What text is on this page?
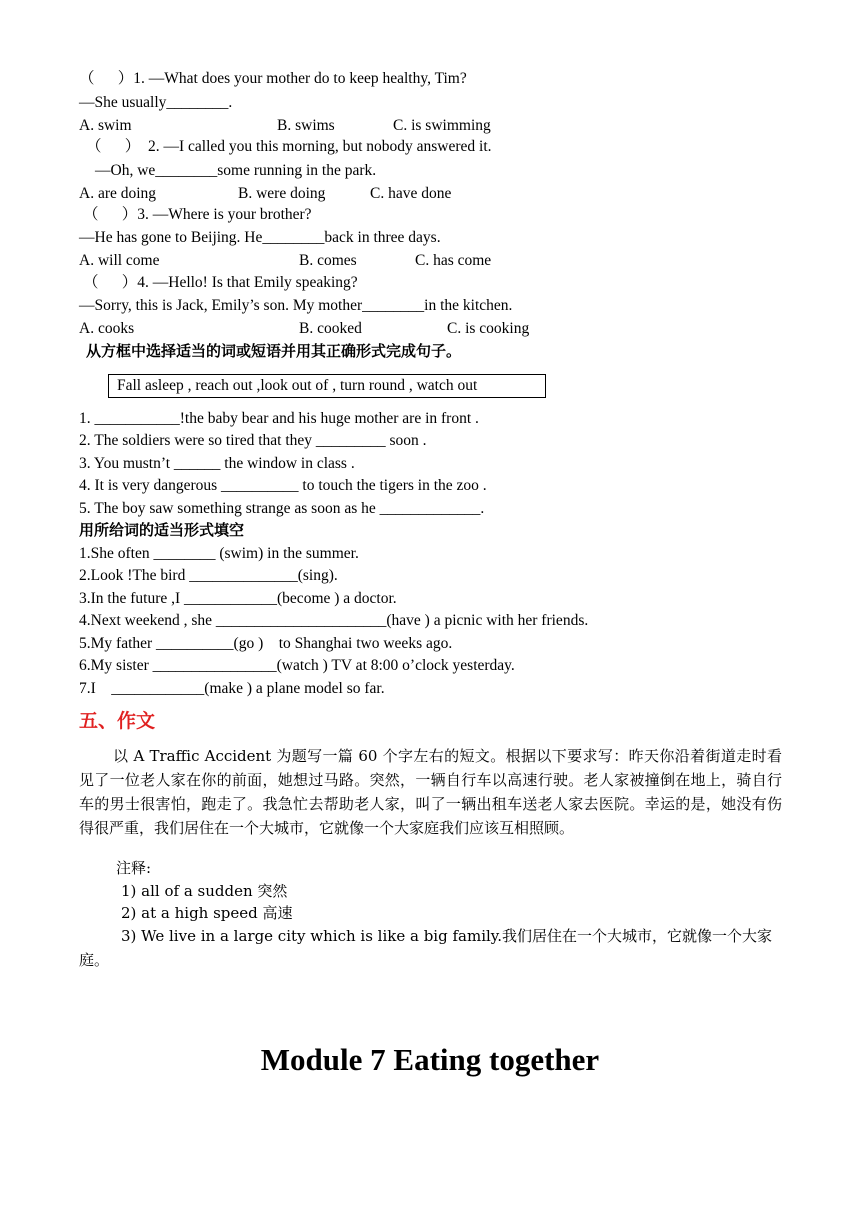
（      ）1. —What does your mother do to keep healthy, Tim?
—She usually________.
A. swim	B. swims	C. is swimming
（      ）  2. —I called you this morning, but nobody answered it.
—Oh, we________some running in the park.
A. are doing	B. were doing	C. have done
（      ）3. —Where is your brother?
—He has gone to Beijing. He________back in three days.
A. will come	B. comes	C. has come
（      ）4. —Hello! Is that Emily speaking?
—Sorry, this is Jack, Emily’s son. My mother________in the kitchen.
A. cooks	B. cooked	C. is cooking
从方框中选择适当的词或短语并用其正确形式完成句子。
Fall asleep , reach out ,look out of , turn round , watch out
1. ___________!the baby bear and his huge mother are in front .
2. The soldiers were so tired that they _________ soon .
3. You mustn’t ______ the window in class .
4. It is very dangerous __________ to touch the tigers in the zoo .
5. The boy saw something strange as soon as he _____________.
用所给词的适当形式填空
1.She often ________ (swim) in the summer.
2.Look !The bird ______________(sing).
3.In the future ,I ____________(become ) a doctor.
4.Next weekend , she ______________________(have ) a picnic with her friends.
5.My father __________(go )    to Shanghai two weeks ago.
6.My sister ________________(watch ) TV at 8:00 o’clock yesterday.
7.I    ____________(make ) a plane model so far.
五、作文
以 A Traffic Accident 为题写一篇 60 个字左右的短文。根据以下要求写：昨天你沿着街道走时看见了一位老人家在你的前面，她想过马路。突然，一辆自行车以高速行驶。老人家被撞倒在地上，骑自行车的男士很害怕，跑走了。我急忙去帮助老人家，叫了一辆出租车送老人家去医院。幸运的是，她没有伤得很严重，我们居住在一个大城市，它就像一个大家庭我们应该互相照顾。
注释:
1) all of a sudden 突然
2) at a high speed 高速
3) We live in a large city which is like a big family.我们居住在一个大城市，它就像一个大家庭。
Module 7 Eating together
